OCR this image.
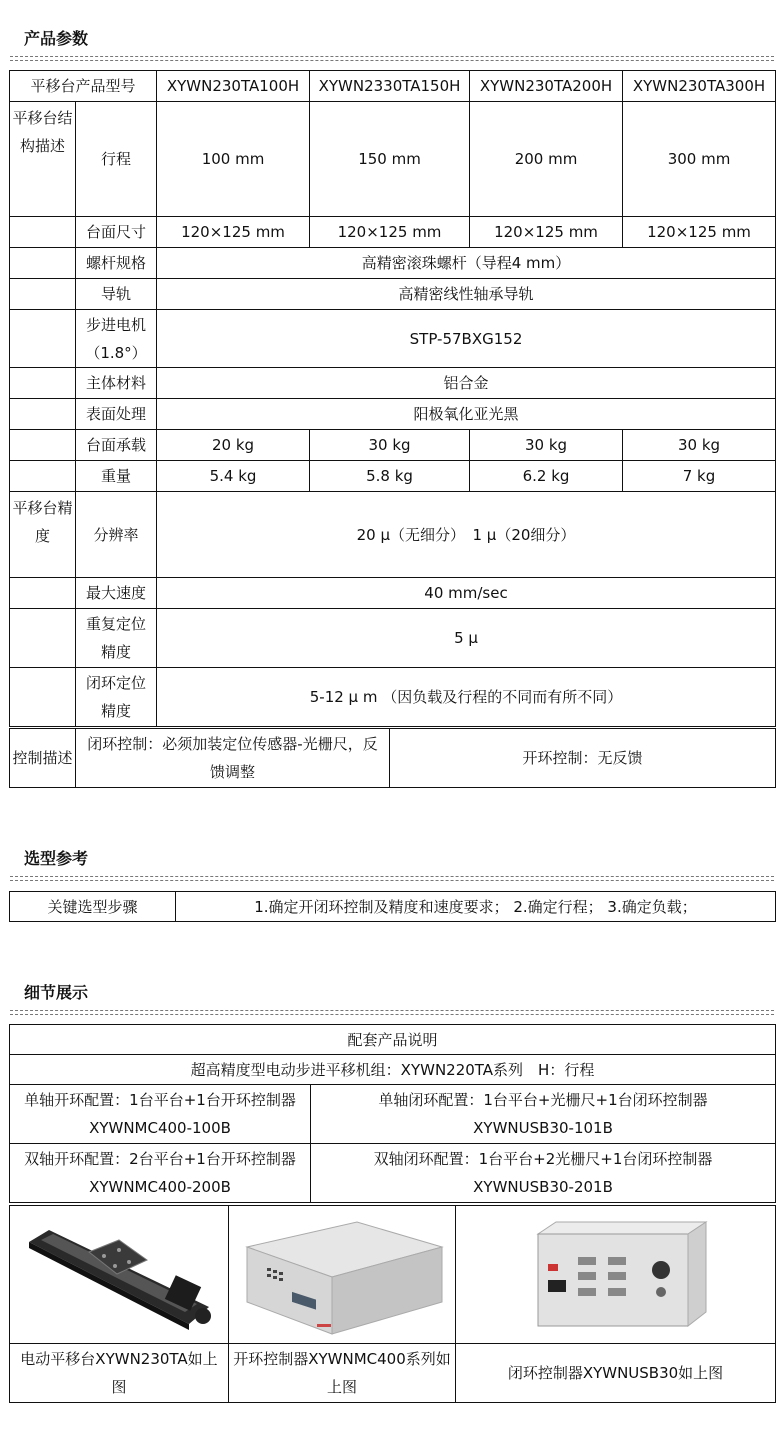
产品参数
平移台产品型号		XYWN230TA100H	XYWN2330TA150H	XYWN230TA200H	XYWN230TA300H
平移台结构描述	行程	100 mm	150 mm	200 mm	300 mm
	台面尺寸	120×125 mm	120×125 mm	120×125 mm	120×125 mm
	螺杆规格	高精密滚珠螺杆（导程4 mm）			
	导轨	高精密线性轴承导轨			
	步进电机（1.8°）	STP-57BXG152			
	主体材料	铝合金			
	表面处理	阳极氧化亚光黑			
	台面承载	20 kg	30 kg	30 kg	30 kg
	重量	5.4 kg	5.8 kg	6.2 kg	7 kg
平移台精度	分辨率	20 μ（无细分）　1 μ（20细分）			
	最大速度	40 mm/sec			
	重复定位精度	5 μ			
	闭环定位精度	5-12 μ m （因负载及行程的不同而有所不同）			
控制描述	闭环控制：必须加装定位传感器-光栅尺，反馈调整	开环控制：无反馈
选型参考
关键选型步骤	1.确定开闭环控制及精度和速度要求； 2.确定行程； 3.确定负载；
细节展示
配套产品说明	
超高精度型电动步进平移机组：XYWN220TA系列　H：行程	
单轴开环配置：1台平台+1台开环控制器XYWNMC400-100B	单轴闭环配置：1台平台+光栅尺+1台闭环控制器XYWNUSB30-101B
双轴开环配置：2台平台+1台开环控制器XYWNMC400-200B	双轴闭环配置：1台平台+2光栅尺+1台闭环控制器XYWNUSB30-201B

电动平移台XYWN230TA如上图	开环控制器XYWNMC400系列如上图	闭环控制器XYWNUSB30如上图
